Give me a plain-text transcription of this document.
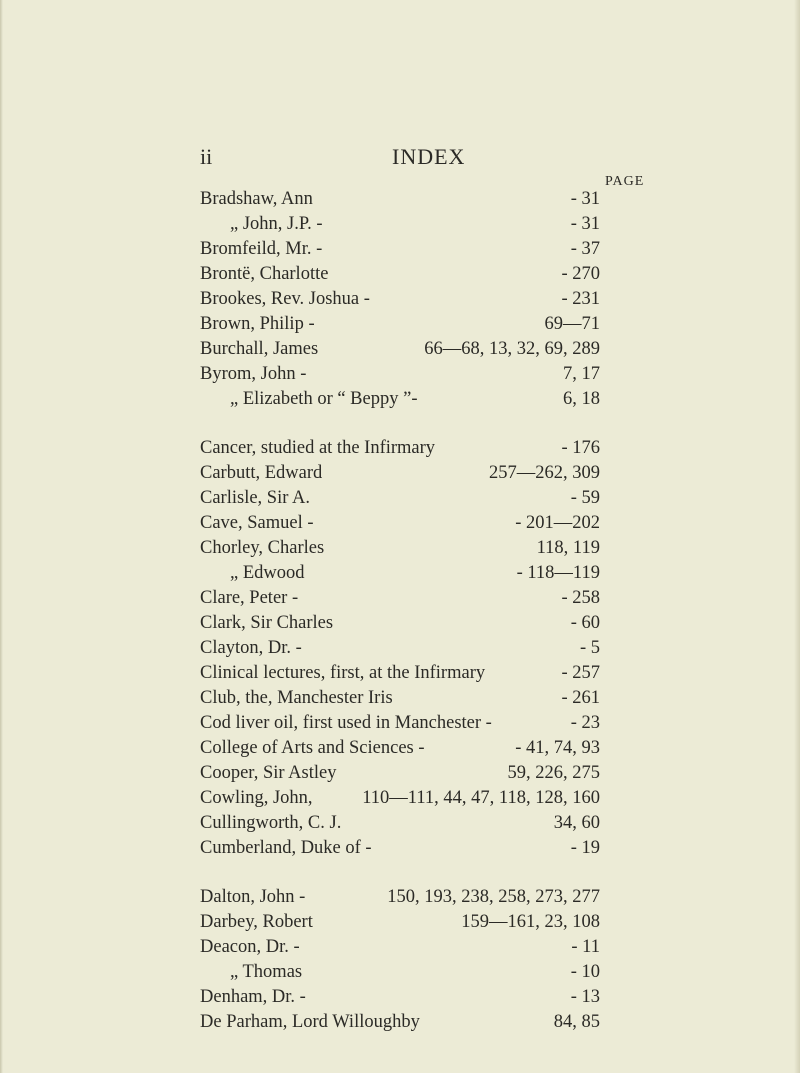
ii	INDEX
PAGE
Bradshaw, Ann	- 31
„ John, J.P. -	- 31
Bromfeild, Mr. -	- 37
Brontë, Charlotte	- 270
Brookes, Rev. Joshua -	- 231
Brown, Philip -	69—71
Burchall, James	66—68, 13, 32, 69, 289
Byrom, John -	7, 17
„ Elizabeth or “ Beppy ”-	6, 18
Cancer, studied at the Infirmary	- 176
Carbutt, Edward	257—262, 309
Carlisle, Sir A.	- 59
Cave, Samuel -	- 201—202
Chorley, Charles	118, 119
„ Edwood	- 118—119
Clare, Peter -	- 258
Clark, Sir Charles	- 60
Clayton, Dr. -	- 5
Clinical lectures, first, at the Infirmary	- 257
Club, the, Manchester Iris	- 261
Cod liver oil, first used in Manchester -	- 23
College of Arts and Sciences -	- 41, 74, 93
Cooper, Sir Astley	59, 226, 275
Cowling, John,	110—111, 44, 47, 118, 128, 160
Cullingworth, C. J.	34, 60
Cumberland, Duke of -	- 19
Dalton, John -	150, 193, 238, 258, 273, 277
Darbey, Robert	159—161, 23, 108
Deacon, Dr. -	- 11
„ Thomas	- 10
Denham, Dr. -	- 13
De Parham, Lord Willoughby	84, 85
